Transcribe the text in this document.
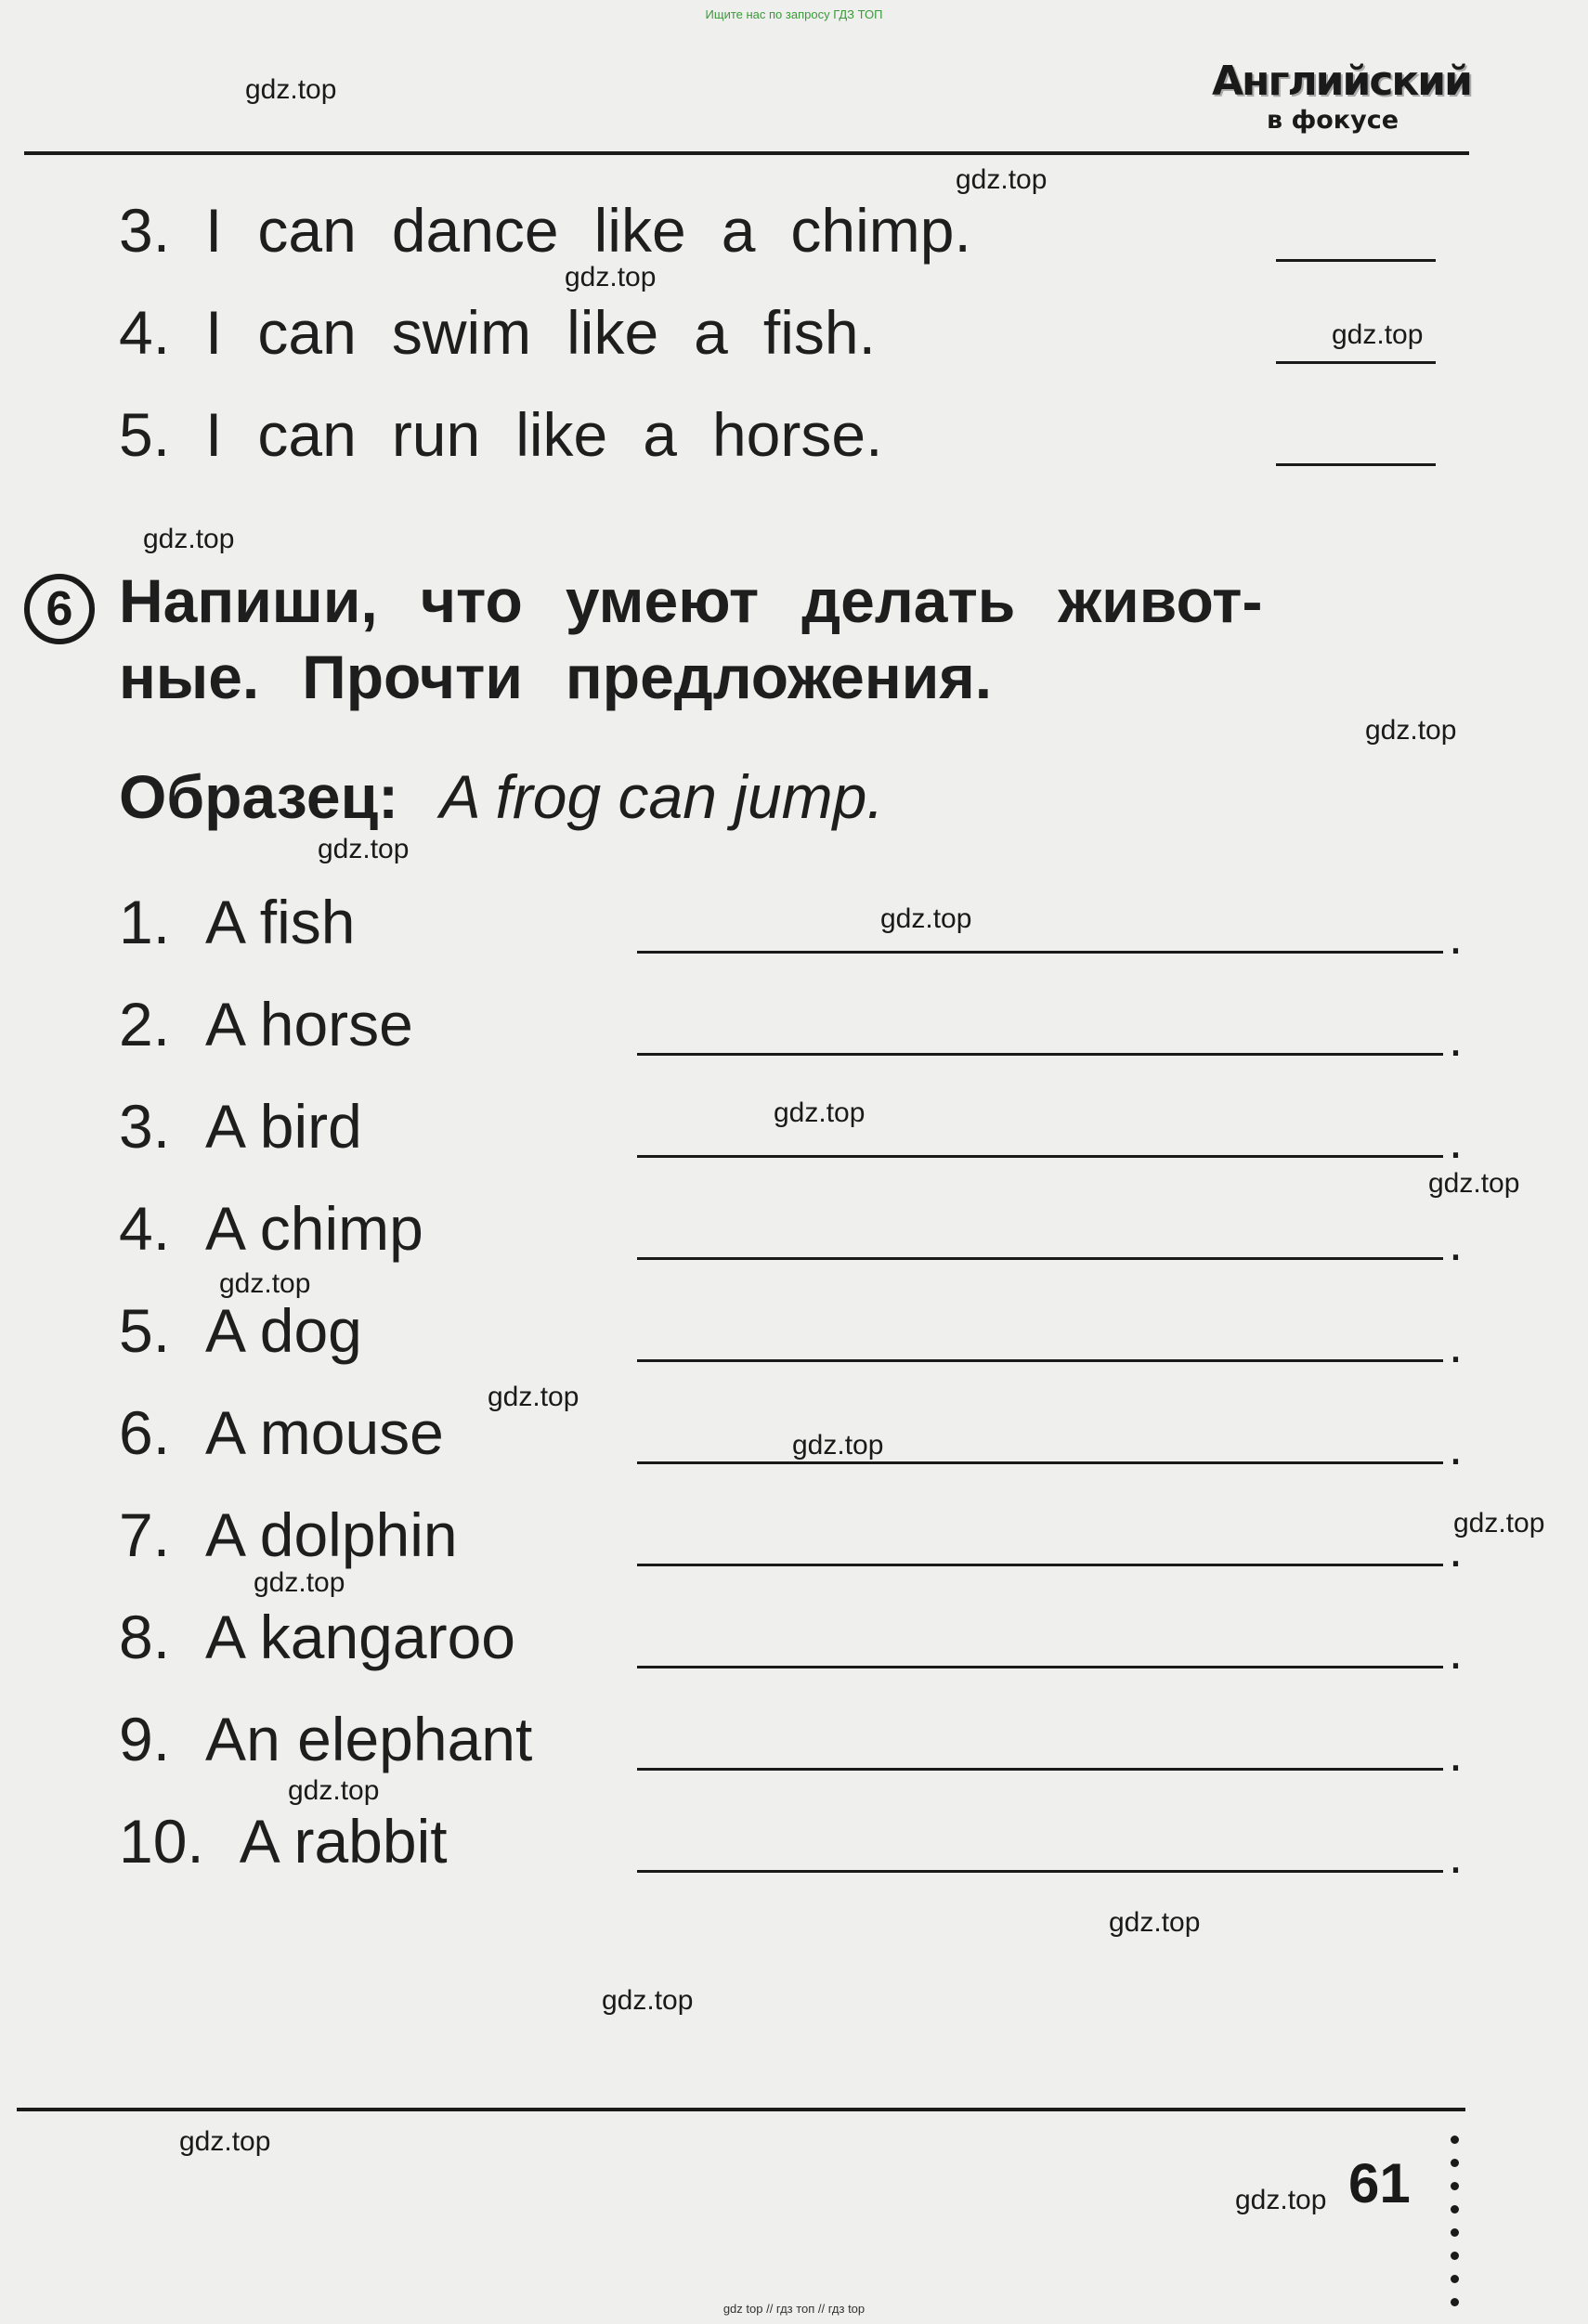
Ищите нас по запросу ГДЗ ТОП
Английский
в фокусе
3. I can dance like a chimp.
4. I can swim like a fish.
5. I can run like a horse.
6 Напиши, что умеют делать живот-
ные. Прочти предложения.
Образец: A frog can jump.
1. A fish	.
2. A horse	.
3. A bird	.
4. A chimp	.
5. A dog	.
6. A mouse	.
7. A dolphin	.
8. A kangaroo	.
9. An elephant	.
10. A rabbit	.
gdz.top
gdz.top
gdz.top
gdz.top
gdz.top
gdz.top
gdz.top
gdz.top
gdz.top
gdz.top
gdz.top
gdz.top
gdz.top
gdz.top
gdz.top
gdz.top
gdz.top
gdz.top
gdz.top
gdz.top 61
gdz top // гдз топ // гдз top
